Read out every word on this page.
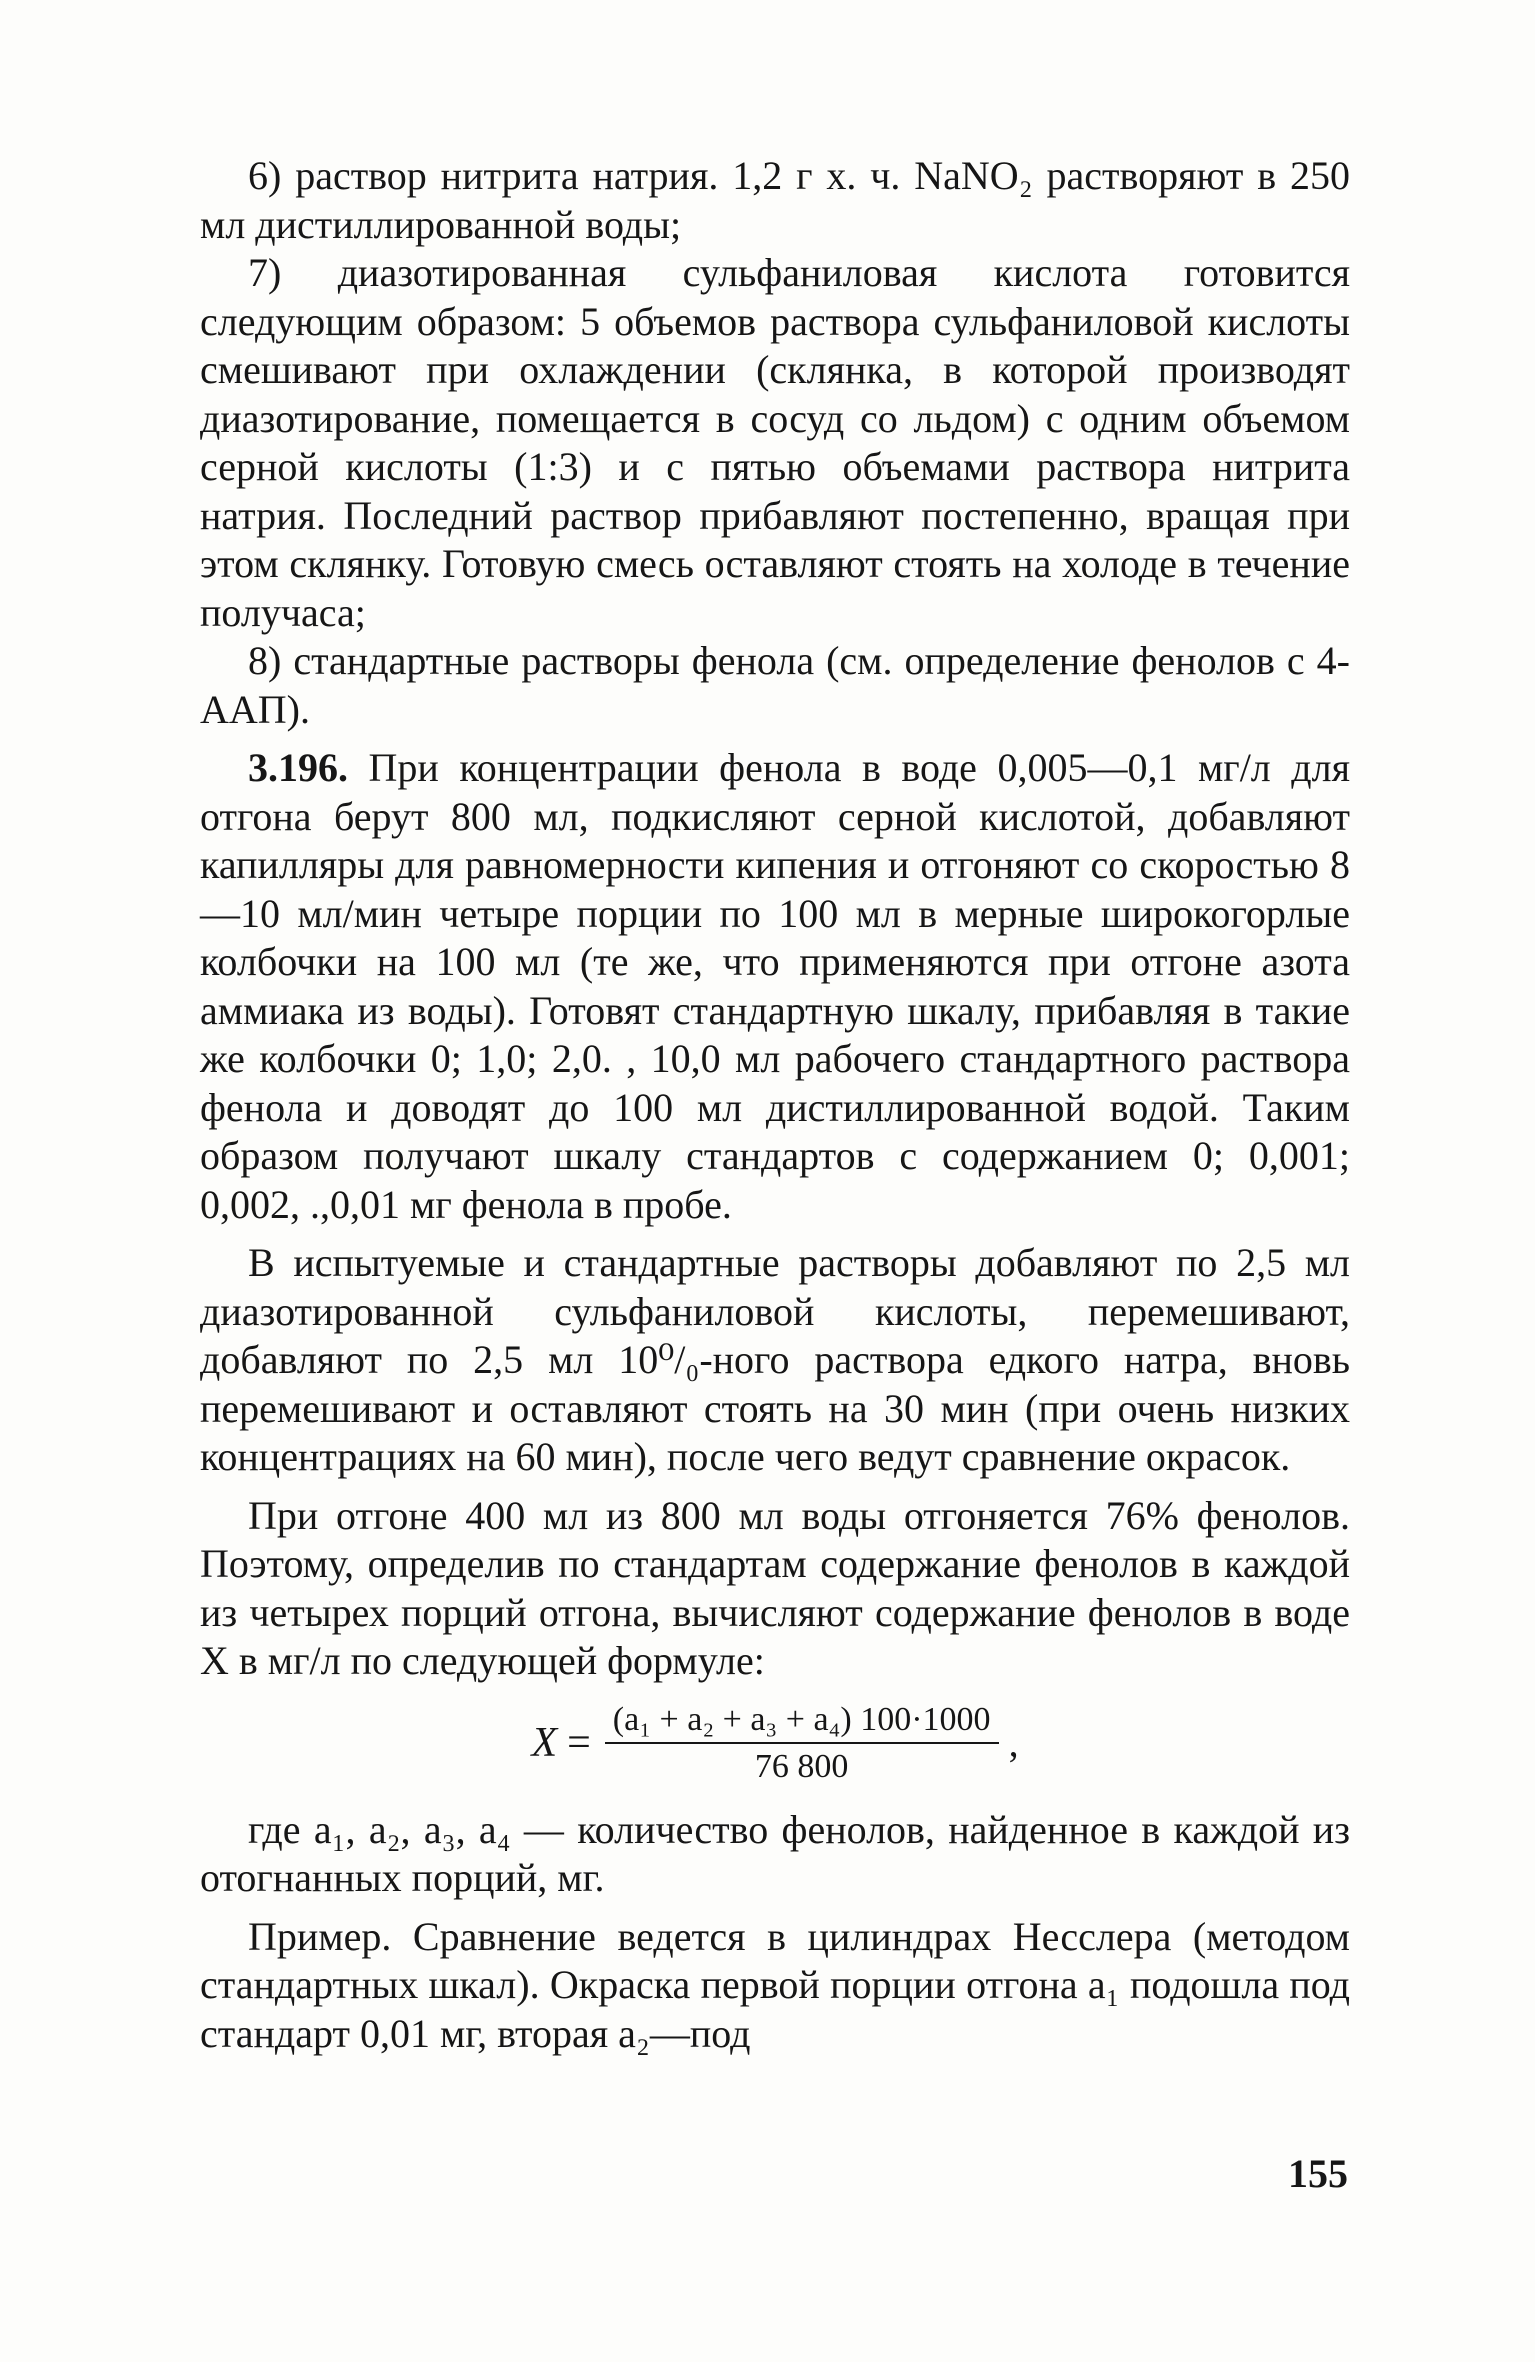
6) раствор нитрита натрия. 1,2 г х. ч. NaNO₂ растворяют в 250 мл дистиллированной воды;

7) диазотированная сульфаниловая кислота готовится следующим образом: 5 объемов раствора сульфаниловой кислоты смешивают при охлаждении (склянка, в которой производят диазотирование, помещается в сосуд со льдом) с одним объемом серной кислоты (1:3) и с пятью объемами раствора нитрита натрия. Последний раствор прибавляют постепенно, вращая при этом склянку. Готовую смесь оставляют стоять на холоде в течение получаса;

8) стандартные растворы фенола (см. определение фенолов с 4-ААП).

3.196. При концентрации фенола в воде 0,005—0,1 мг/л для отгона берут 800 мл, подкисляют серной кислотой, добавляют капилляры для равномерности кипения и отгоняют со скоростью 8—10 мл/мин четыре порции по 100 мл в мерные широкогорлые колбочки на 100 мл (те же, что применяются при отгоне азота аммиака из воды). Готовят стандартную шкалу, прибавляя в такие же колбочки 0; 1,0; 2,0. , 10,0 мл рабочего стандартного раствора фенола и доводят до 100 мл дистиллированной водой. Таким образом получают шкалу стандартов с содержанием 0; 0,001; 0,002, .,0,01 мг фенола в пробе.

В испытуемые и стандартные растворы добавляют по 2,5 мл диазотированной сульфаниловой кислоты, перемешивают, добавляют по 2,5 мл 10⁰/₀-ного раствора едкого натра, вновь перемешивают и оставляют стоять на 30 мин (при очень низких концентрациях на 60 мин), после чего ведут сравнение окрасок.

При отгоне 400 мл из 800 мл воды отгоняется 76% фенолов. Поэтому, определив по стандартам содержание фенолов в каждой из четырех порций отгона, вычисляют содержание фенолов в воде X в мг/л по следующей формуле:

$X = \frac{\text{(a₁ + a₂ + a₃ + a₄) 100·1000}}{76 800}$ ,

где a₁, a₂, a₃, a₄ — количество фенолов, найденное в каждой из отогнанных порций, мг.

Пример. Сравнение ведется в цилиндрах Несслера (методом стандартных шкал). Окраска первой порции отгона a₁ подошла под стандарт 0,01 мг, вторая a₂—под

155
